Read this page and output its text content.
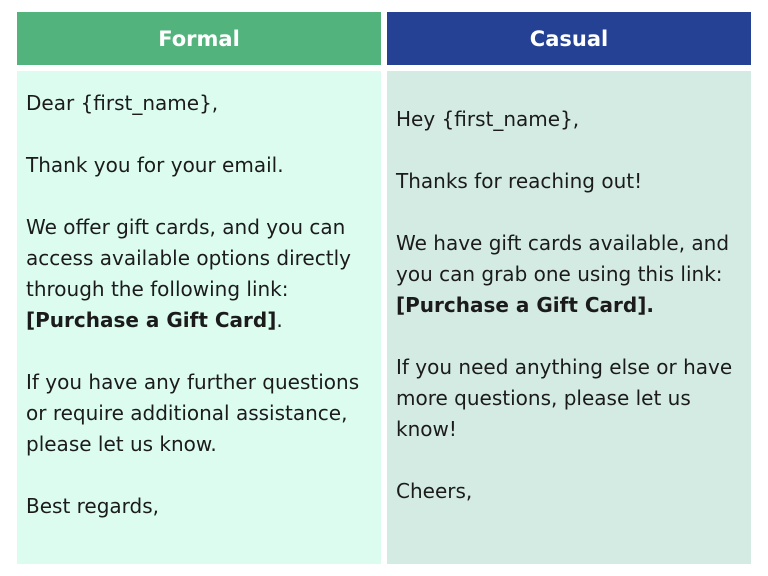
Formal

Dear {first_name},

Thank you for your email.

We offer gift cards, and you can access available options directly through the following link: [Purchase a Gift Card].

If you have any further questions or require additional assistance, please let us know.

Best regards,

Casual

Hey {first_name},

Thanks for reaching out!

We have gift cards available, and you can grab one using this link: [Purchase a Gift Card].

If you need anything else or have more questions, please let us know!

Cheers,
